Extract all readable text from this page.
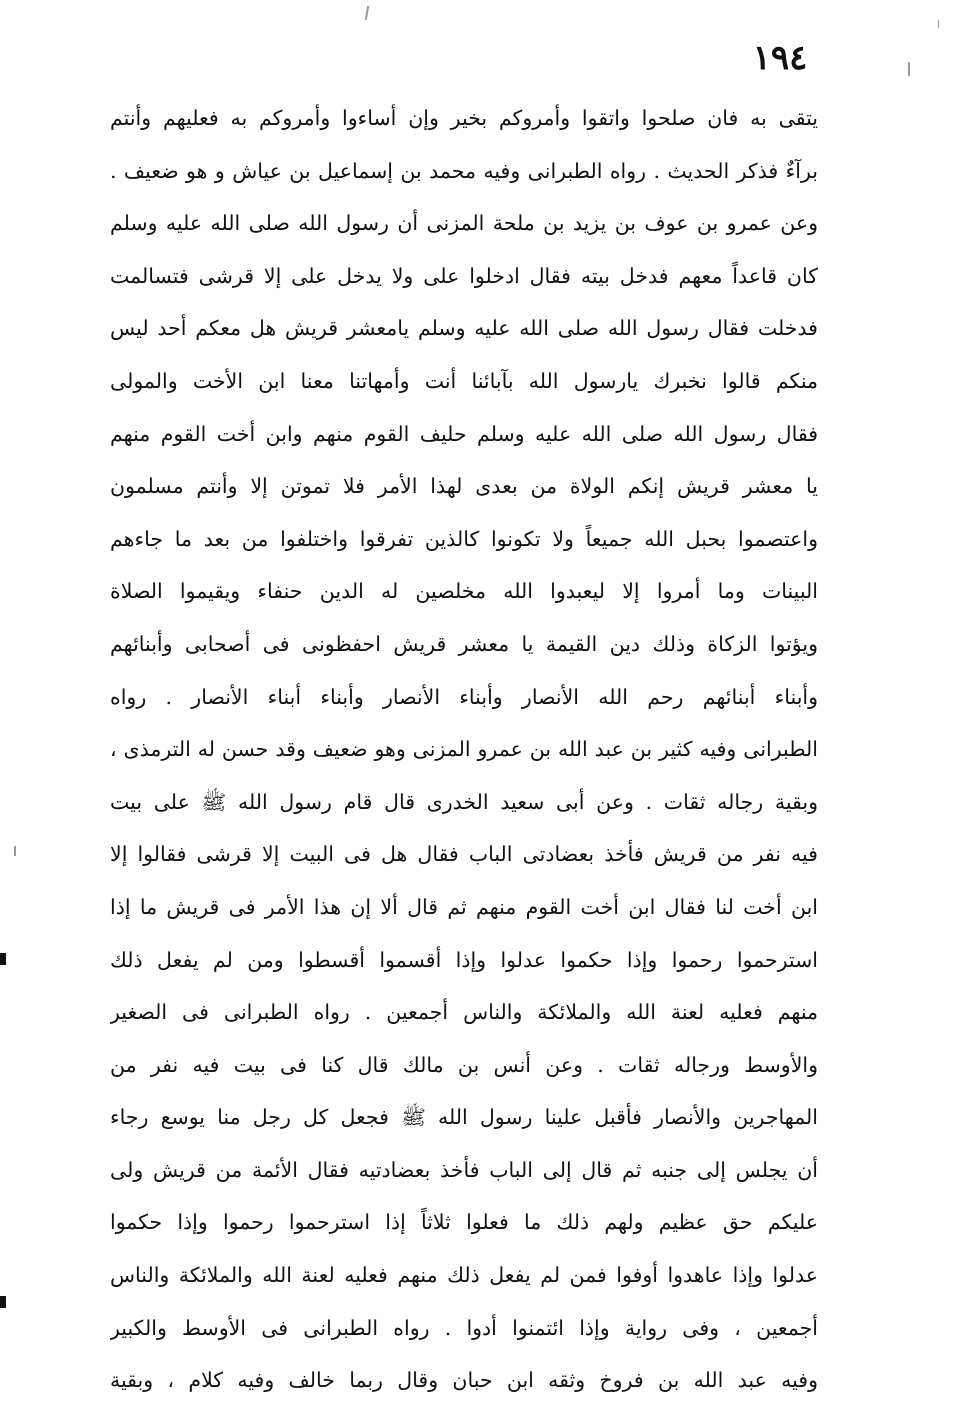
١٩٤
يتقى به فان صلحوا واتقوا وأمروكم بخير وإن أساءوا وأمروكم به فعليهم وأنتم
برآءٌ فذكر الحديث . رواه الطبرانى وفيه محمد بن إسماعيل بن عياش و هو ضعيف .
وعن عمرو بن عوف بن يزيد بن ملحة المزنى أن رسول الله صلى الله عليه وسلم
كان قاعداً معهم فدخل بيته فقال ادخلوا على ولا يدخل على إلا قرشى فتسالمت
فدخلت فقال رسول الله صلى الله عليه وسلم يامعشر قريش هل معكم أحد ليس
منكم قالوا نخبرك يارسول الله بآبائنا أنت وأمهاتنا معنا ابن الأخت والمولى
فقال رسول الله صلى الله عليه وسلم حليف القوم منهم وابن أخت القوم منهم
يا معشر قريش إنكم الولاة من بعدى لهذا الأمر فلا تموتن إلا وأنتم مسلمون
واعتصموا بحبل الله جميعاً ولا تكونوا كالذين تفرقوا واختلفوا من بعد ما جاءهم
البينات وما أمروا إلا ليعبدوا الله مخلصين له الدين حنفاء ويقيموا الصلاة
ويؤتوا الزكاة وذلك دين القيمة يا معشر قريش احفظونى فى أصحابى وأبنائهم
وأبناء أبنائهم رحم الله الأنصار وأبناء الأنصار وأبناء أبناء الأنصار . رواه
الطبرانى وفيه كثير بن عبد الله بن عمرو المزنى وهو ضعيف وقد حسن له الترمذى ،
وبقية رجاله ثقات . وعن أبى سعيد الخدرى قال قام رسول الله ﷺ على بيت
فيه نفر من قريش فأخذ بعضادتى الباب فقال هل فى البيت إلا قرشى فقالوا إلا
ابن أخت لنا فقال ابن أخت القوم منهم ثم قال ألا إن هذا الأمر فى قريش ما إذا
استرحموا رحموا وإذا حكموا عدلوا وإذا أقسموا أقسطوا ومن لم يفعل ذلك
منهم فعليه لعنة الله والملائكة والناس أجمعين . رواه الطبرانى فى الصغير
والأوسط ورجاله ثقات . وعن أنس بن مالك قال كنا فى بيت فيه نفر من
المهاجرين والأنصار فأقبل علينا رسول الله ﷺ فجعل كل رجل منا يوسع رجاء
أن يجلس إلى جنبه ثم قال إلى الباب فأخذ بعضادتيه فقال الأئمة من قريش ولى
عليكم حق عظيم ولهم ذلك ما فعلوا ثلاثاً إذا استرحموا رحموا وإذا حكموا
عدلوا وإذا عاهدوا أوفوا فمن لم يفعل ذلك منهم فعليه لعنة الله والملائكة والناس
أجمعين ، وفى رواية وإذا ائتمنوا أدوا . رواه الطبرانى فى الأوسط والكبير
وفيه عبد الله بن فروخ وثقه ابن حبان وقال ربما خالف وفيه كلام ، وبقية
